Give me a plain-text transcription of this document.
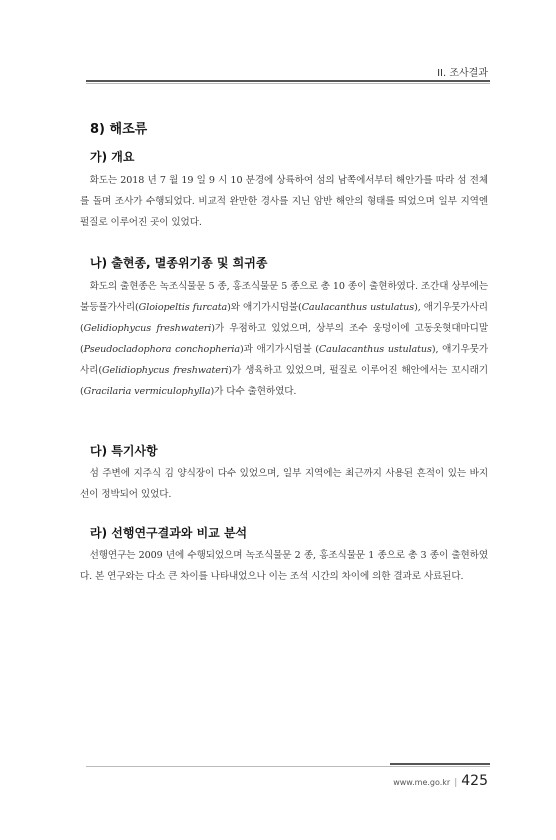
II. 조사결과
8) 해조류
가) 개요

화도는 2018 년 7 월 19 일 9 시 10 분경에 상륙하여 섬의 남쪽에서부터 해안가를 따라 섬 전체를 돌며 조사가 수행되었다. 비교적 완만한 경사를 지닌 암반 해안의 형태를 띄었으며 일부 지역엔 펄질로 이루어진 곳이 있었다.

나) 출현종, 멸종위기종 및 희귀종

화도의 출현종은 녹조식물문 5 종, 홍조식물문 5 종으로 총 10 종이 출현하였다. 조간대 상부에는 불등풀가사리(Gloiopeltis furcata)와 애기가시덤불(Caulacanthus ustulatus), 애기우뭇가사리(Gelidiophycus freshwateri)가 우점하고 있었으며, 상부의 조수 웅덩이에 고동옷혓대마디말(Pseudocladophora conchopheria)과 애기가시덤불 (Caulacanthus ustulatus), 애기우뭇가사리(Gelidiophycus freshwateri)가 생육하고 있었으며, 펄질로 이루어진 해안에서는 꼬시래기(Gracilaria vermiculophylla)가 다수 출현하였다.

다) 특기사항

섬 주변에 지주식 김 양식장이 다수 있었으며, 일부 지역에는 최근까지 사용된 흔적이 있는 바지선이 정박되어 있었다.

라) 선행연구결과와 비교 분석

선행연구는 2009 년에 수행되었으며 녹조식물문 2 종, 홍조식물문 1 종으로 총 3 종이 출현하였다. 본 연구와는 다소 큰 차이를 나타내었으나 이는 조석 시간의 차이에 의한 결과로 사료된다.

www.me.go.kr | 425
